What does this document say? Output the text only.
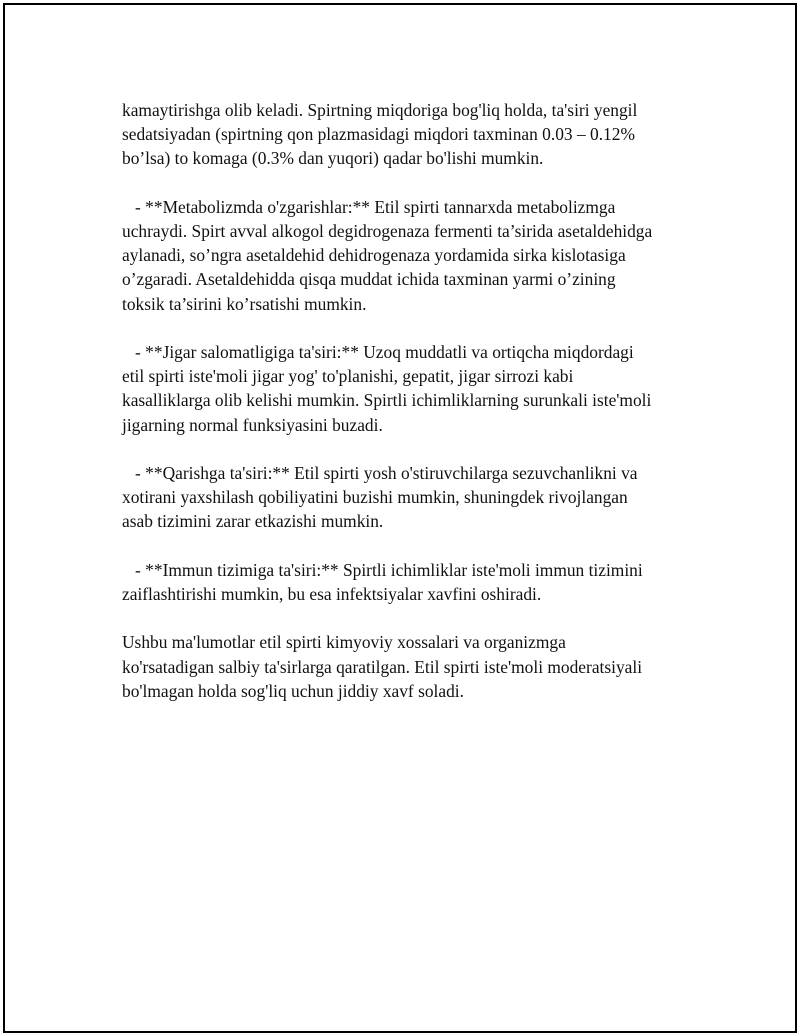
kamaytirishga olib keladi. Spirtning miqdoriga bog'liq holda, ta'siri yengil
sedatsiyadan (spirtning qon plazmasidagi miqdori taxminan 0.03 – 0.12%
bo’lsa) to komaga (0.3% dan yuqori) qadar bo'lishi mumkin.

- **Metabolizmda o'zgarishlar:** Etil spirti tannarxda metabolizmga
uchraydi. Spirt avval alkogol degidrogenaza fermenti ta’sirida asetaldehidga
aylanadi, so’ngra asetaldehid dehidrogenaza yordamida sirka kislotasiga
o’zgaradi. Asetaldehidda qisqa muddat ichida taxminan yarmi o’zining
toksik ta’sirini ko’rsatishi mumkin.

- **Jigar salomatligiga ta'siri:** Uzoq muddatli va ortiqcha miqdordagi
etil spirti iste'moli jigar yog' to'planishi, gepatit, jigar sirrozi kabi
kasalliklarga olib kelishi mumkin. Spirtli ichimliklarning surunkali iste'moli
jigarning normal funksiyasini buzadi.

- **Qarishga ta'siri:** Etil spirti yosh o'stiruvchilarga sezuvchanlikni va
xotirani yaxshilash qobiliyatini buzishi mumkin, shuningdek rivojlangan
asab tizimini zarar etkazishi mumkin.

- **Immun tizimiga ta'siri:** Spirtli ichimliklar iste'moli immun tizimini
zaiflashtirishi mumkin, bu esa infektsiyalar xavfini oshiradi.

Ushbu ma'lumotlar etil spirti kimyoviy xossalari va organizmga
ko'rsatadigan salbiy ta'sirlarga qaratilgan. Etil spirti iste'moli moderatsiyali
bo'lmagan holda sog'liq uchun jiddiy xavf soladi.
